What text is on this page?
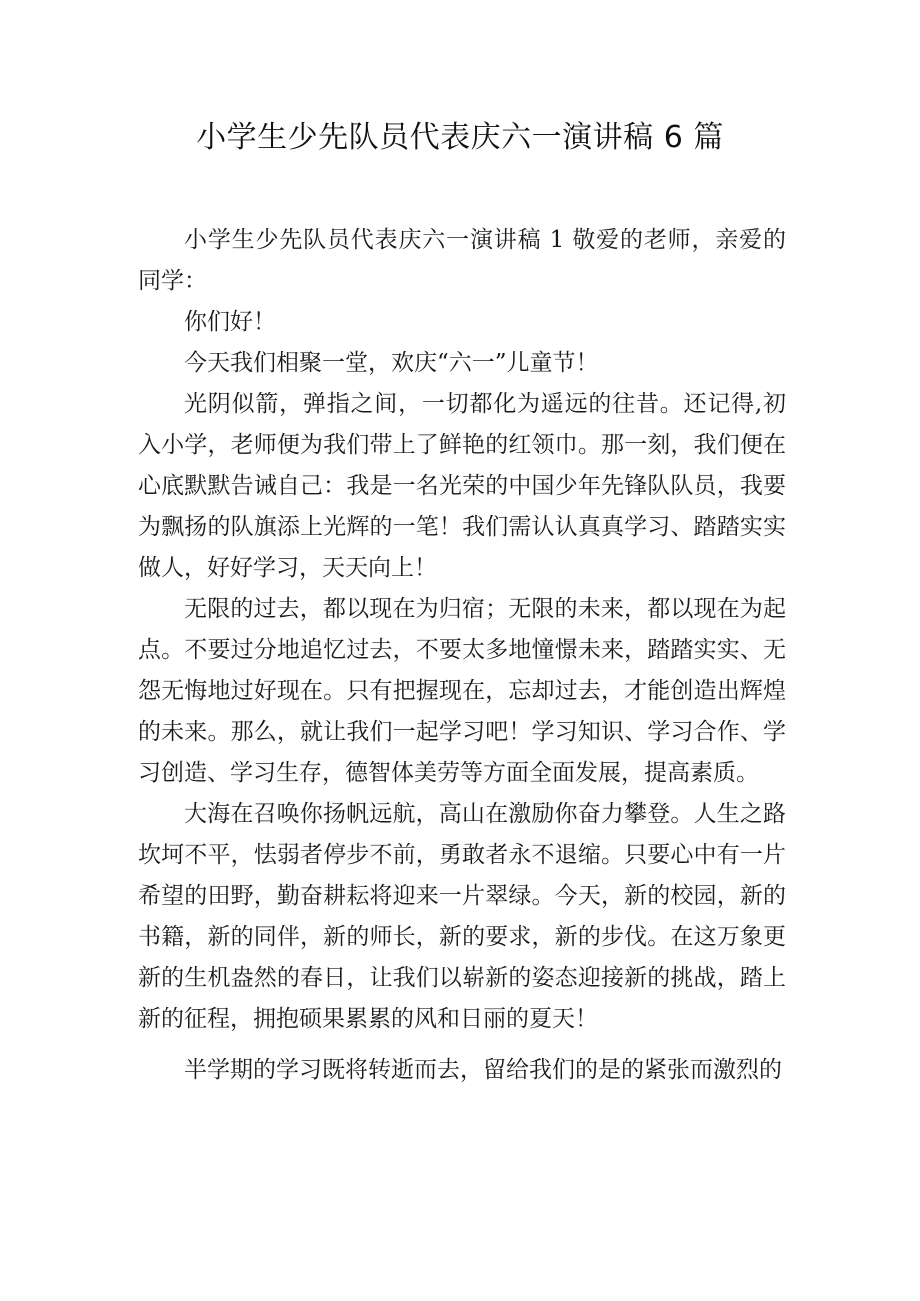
小学生少先队员代表庆六一演讲稿 6 篇

小学生少先队员代表庆六一演讲稿 1 敬爱的老师，亲爱的同学：

你们好！

今天我们相聚一堂，欢庆“六一”儿童节！

光阴似箭，弹指之间，一切都化为遥远的往昔。还记得,初入小学，老师便为我们带上了鲜艳的红领巾。那一刻，我们便在心底默默告诫自己：我是一名光荣的中国少年先锋队队员，我要为飘扬的队旗添上光辉的一笔！我们需认认真真学习、踏踏实实做人，好好学习，天天向上！

无限的过去，都以现在为归宿；无限的未来，都以现在为起点。不要过分地追忆过去，不要太多地憧憬未来，踏踏实实、无怨无悔地过好现在。只有把握现在，忘却过去，才能创造出辉煌的未来。那么，就让我们一起学习吧！学习知识、学习合作、学习创造、学习生存，德智体美劳等方面全面发展，提高素质。

大海在召唤你扬帆远航，高山在激励你奋力攀登。人生之路坎坷不平，怯弱者停步不前，勇敢者永不退缩。只要心中有一片希望的田野，勤奋耕耘将迎来一片翠绿。今天，新的校园，新的书籍，新的同伴，新的师长，新的要求，新的步伐。在这万象更新的生机盎然的春日，让我们以崭新的姿态迎接新的挑战，踏上新的征程，拥抱硕果累累的风和日丽的夏天！

半学期的学习既将转逝而去，留给我们的是的紧张而激烈的
